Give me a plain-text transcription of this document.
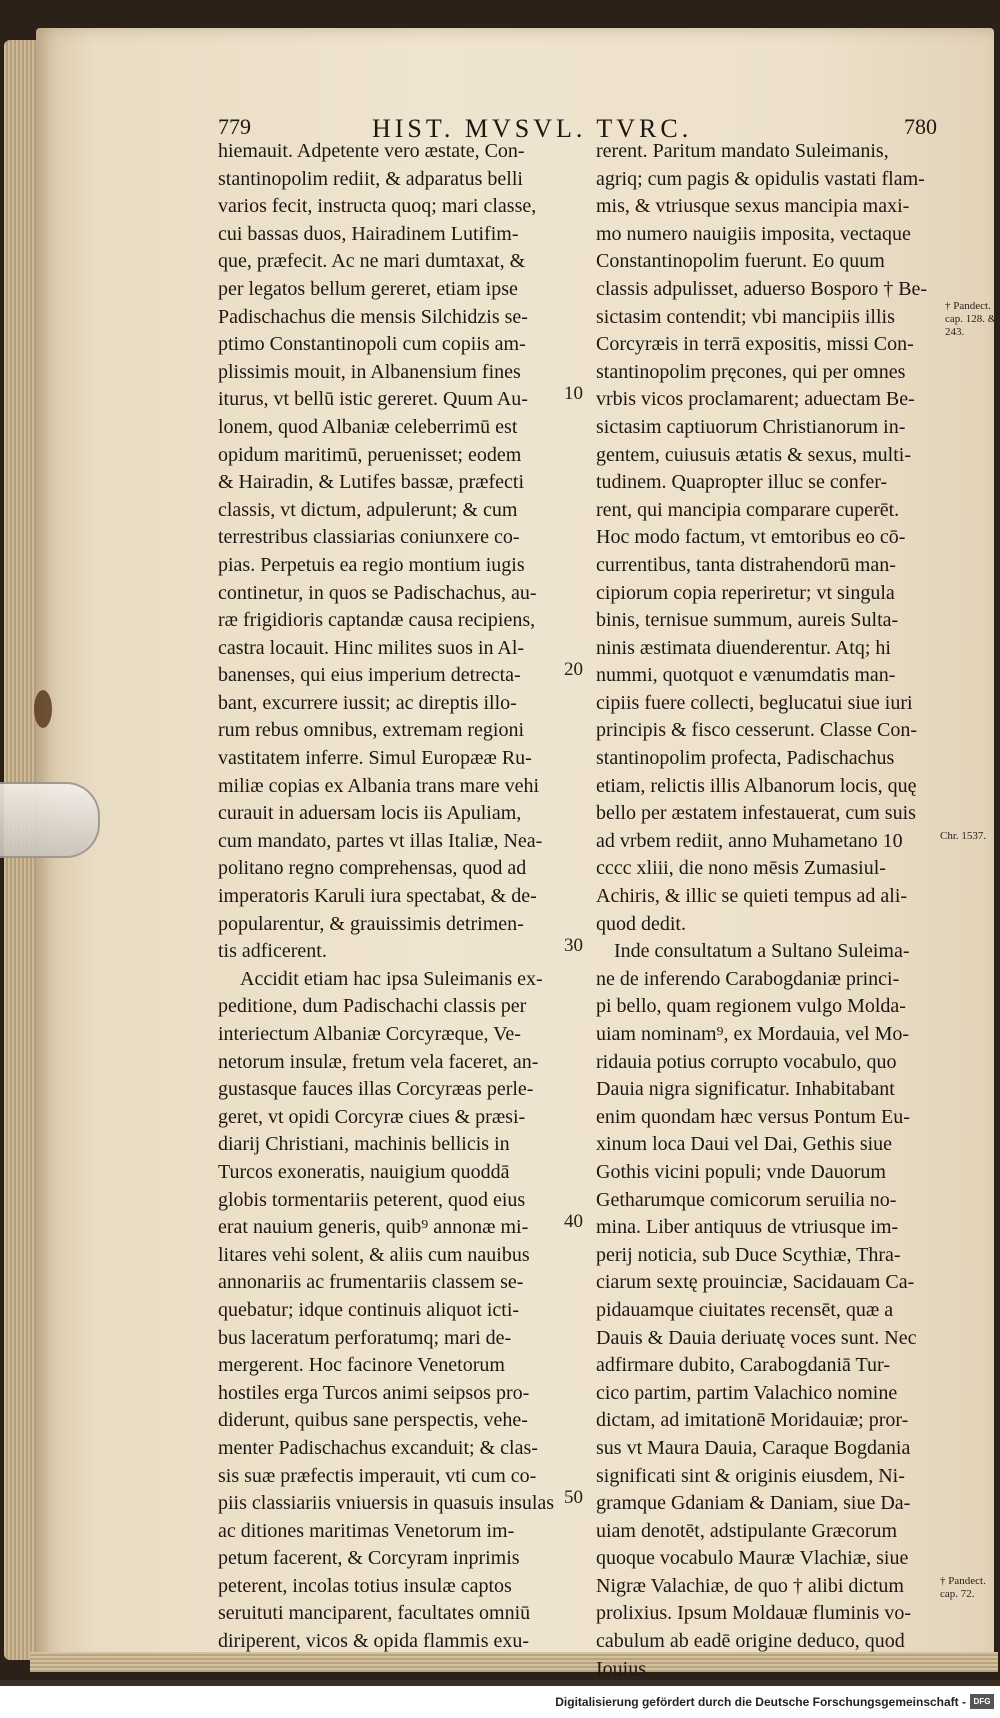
779	HIST. MVSVL. TVRC.	780
hiemauit. Adpetente vero æstate, Con-
stantinopolim rediit, & adparatus belli
varios fecit, instructa quoq; mari classe,
cui bassas duos, Hairadinem Lutifim-
que, præfecit. Ac ne mari dumtaxat, &
per legatos bellum gereret, etiam ipse
Padischachus die mensis Silchidzis se-
ptimo Constantinopoli cum copiis am-
plissimis mouit, in Albanensium fines
iturus, vt bellū istic gereret. Quum Au-
lonem, quod Albaniæ celeberrimū est
opidum maritimū, peruenisset; eodem
& Hairadin, & Lutifes bassæ, præfecti
classis, vt dictum, adpulerunt; & cum
terrestribus classiarias coniunxere co-
pias. Perpetuis ea regio montium iugis
continetur, in quos se Padischachus, au-
ræ frigidioris captandæ causa recipiens,
castra locauit. Hinc milites suos in Al-
banenses, qui eius imperium detrecta-
bant, excurrere iussit; ac direptis illo-
rum rebus omnibus, extremam regioni
vastitatem inferre. Simul Europææ Ru-
miliæ copias ex Albania trans mare vehi
curauit in aduersam locis iis Apuliam,
cum mandato, partes vt illas Italiæ, Nea-
politano regno comprehensas, quod ad
imperatoris Karuli iura spectabat, & de-
popularentur, & grauissimis detrimen-
tis adficerent.
Accidit etiam hac ipsa Suleimanis ex-
peditione, dum Padischachi classis per
interiectum Albaniæ Corcyræque, Ve-
netorum insulæ, fretum vela faceret, an-
gustasque fauces illas Corcyræas perle-
geret, vt opidi Corcyræ ciues & præsi-
diarij Christiani, machinis bellicis in
Turcos exoneratis, nauigium quoddā
globis tormentariis peterent, quod eius
erat nauium generis, quib⁹ annonæ mi-
litares vehi solent, & aliis cum nauibus
annonariis ac frumentariis classem se-
quebatur; idque continuis aliquot icti-
bus laceratum perforatumq; mari de-
mergerent. Hoc facinore Venetorum
hostiles erga Turcos animi seipsos pro-
diderunt, quibus sane perspectis, vehe-
menter Padischachus excanduit; & clas-
sis suæ præfectis imperauit, vti cum co-
piis classiariis vniuersis in quasuis insulas
ac ditiones maritimas Venetorum im-
petum facerent, & Corcyram inprimis
peterent, incolas totius insulæ captos
seruituti manciparent, facultates omniū
diriperent, vicos & opida flammis exu-
rerent. Paritum mandato Suleimanis,
agriq; cum pagis & opidulis vastati flam-
mis, & vtriusque sexus mancipia maxi-
mo numero nauigiis imposita, vectaque
Constantinopolim fuerunt. Eo quum
classis adpulisset, aduerso Bosporo † Be-
sictasim contendit; vbi mancipiis illis
Corcyræis in terrā expositis, missi Con-
stantinopolim pręcones, qui per omnes
vrbis vicos proclamarent; aduectam Be-
sictasim captiuorum Christianorum in-
gentem, cuiusuis ætatis & sexus, multi-
tudinem. Quapropter illuc se confer-
rent, qui mancipia comparare cuperēt.
Hoc modo factum, vt emtoribus eo cō-
currentibus, tanta distrahendorū man-
cipiorum copia reperiretur; vt singula
binis, ternisue summum, aureis Sulta-
ninis æstimata diuenderentur. Atq; hi
nummi, quotquot e vænumdatis man-
cipiis fuere collecti, beglucatui siue iuri
principis & fisco cesserunt. Classe Con-
stantinopolim profecta, Padischachus
etiam, relictis illis Albanorum locis, quę
bello per æstatem infestauerat, cum suis
ad vrbem rediit, anno Muhametano 10
cccc xliii, die nono mēsis Zumasiul-
Achiris, & illic se quieti tempus ad ali-
quod dedit.
Inde consultatum a Sultano Suleima-
ne de inferendo Carabogdaniæ princi-
pi bello, quam regionem vulgo Molda-
uiam nominam⁹, ex Mordauia, vel Mo-
ridauia potius corrupto vocabulo, quo
Dauia nigra significatur. Inhabitabant
enim quondam hæc versus Pontum Eu-
xinum loca Daui vel Dai, Gethis siue
Gothis vicini populi; vnde Dauorum
Getharumque comicorum seruilia no-
mina. Liber antiquus de vtriusque im-
perij noticia, sub Duce Scythiæ, Thra-
ciarum sextę prouinciæ, Sacidauam Ca-
pidauamque ciuitates recensēt, quæ a
Dauis & Dauia deriuatę voces sunt. Nec
adfirmare dubito, Carabogdaniā Tur-
cico partim, partim Valachico nomine
dictam, ad imitationē Moridauiæ; pror-
sus vt Maura Dauia, Caraque Bogdania
significati sint & originis eiusdem, Ni-
gramque Gdaniam & Daniam, siue Da-
uiam denotēt, adstipulante Græcorum
quoque vocabulo Mauræ Vlachiæ, siue
Nigræ Valachiæ, de quo † alibi dictum
prolixius. Ipsum Moldauæ fluminis vo-
cabulum ab eadē origine deduco, quod
Iouius
10
20
30
40
50
† Pandect.
cap. 128. &
243.
Chr. 1537.
† Pandect.
cap. 72.
Digitalisierung gefördert durch die Deutsche Forschungsgemeinschaft - DFG
